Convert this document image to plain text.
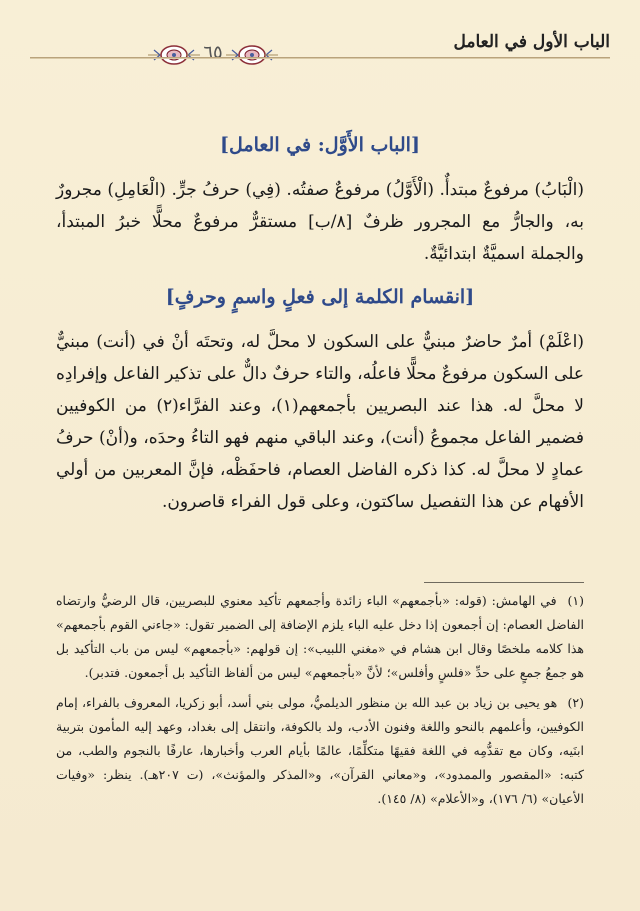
الباب الأول في العامل
٦٥
[الباب الأَوَّل: في العامل]

(الْبَابُ) مرفوعٌ مبتدأٌ. (الْأَوَّلُ) مرفوعٌ صفتُه. (فِي) حرفُ جرٍّ. (الْعَامِلِ) مجرورٌ به، والجارُّ مع المجرور ظرفٌ [٨/ب] مستقرٌّ مرفوعٌ محلًّا خبرُ المبتدأ، والجملة اسميَّةٌ ابتدائيَّةٌ.

[انقسام الكلمة إلى فعلٍ واسمٍ وحرفٍ]

(اعْلَمْ) أمرٌ حاضرٌ مبنيٌّ على السكون لا محلَّ له، وتحتَه أنْ في (أنت) مبنيٌّ على السكون مرفوعٌ محلًّا فاعلُه، والتاء حرفٌ دالٌّ على تذكير الفاعل وإفرادِه لا محلَّ له. هذا عند البصريين بأجمعهم(١)، وعند الفرَّاء(٢) من الكوفيين فضمير الفاعل مجموعُ (أنت)، وعند الباقي منهم فهو التاءُ وحدَه، و(أنْ) حرفُ عمادٍ لا محلَّ له. كذا ذكره الفاضل العصام، فاحفَظْه، فإنَّ المعربين من أولي الأفهام عن هذا التفصيل ساكتون، وعلى قول الفراء قاصرون.

(١) في الهامش: (قوله: «بأجمعهم» الباء زائدة وأجمعهم تأكيد معنوي للبصريين، قال الرضيُّ وارتضاه الفاضل العصام: إن أجمعون إذا دخل عليه الباء يلزم الإضافة إلى الضمير تقول: «جاءني القوم بأجمعهم» هذا كلامه ملخصًا وقال ابن هشام في «مغني اللبيب»: إن قولهم: «بأجمعهم» ليس من باب التأكيد بل هو جمعُ جمعٍ على حدِّ «فلسٍ وأفلس»؛ لأنَّ «بأجمعهم» ليس من ألفاظ التأكيد بل أجمعون. فتدبر).

(٢) هو يحيى بن زياد بن عبد الله بن منظور الديلميُّ، مولى بني أسد، أبو زكريا، المعروف بالفراء، إمام الكوفيين، وأعلمهم بالنحو واللغة وفنون الأدب، ولد بالكوفة، وانتقل إلى بغداد، وعهد إليه المأمون بتربية ابنَيه، وكان مع تقدُّمِه في اللغة فقيهًا متكلِّمًا، عالمًا بأيام العرب وأخبارها، عارفًا بالنجوم والطب، من كتبه: «المقصور والممدود»، و«معاني القرآن»، و«المذكر والمؤنث»، (ت ٢٠٧هـ). ينظر: «وفيات الأعيان» (٦/ ١٧٦)، و«الأعلام» (٨/ ١٤٥).
